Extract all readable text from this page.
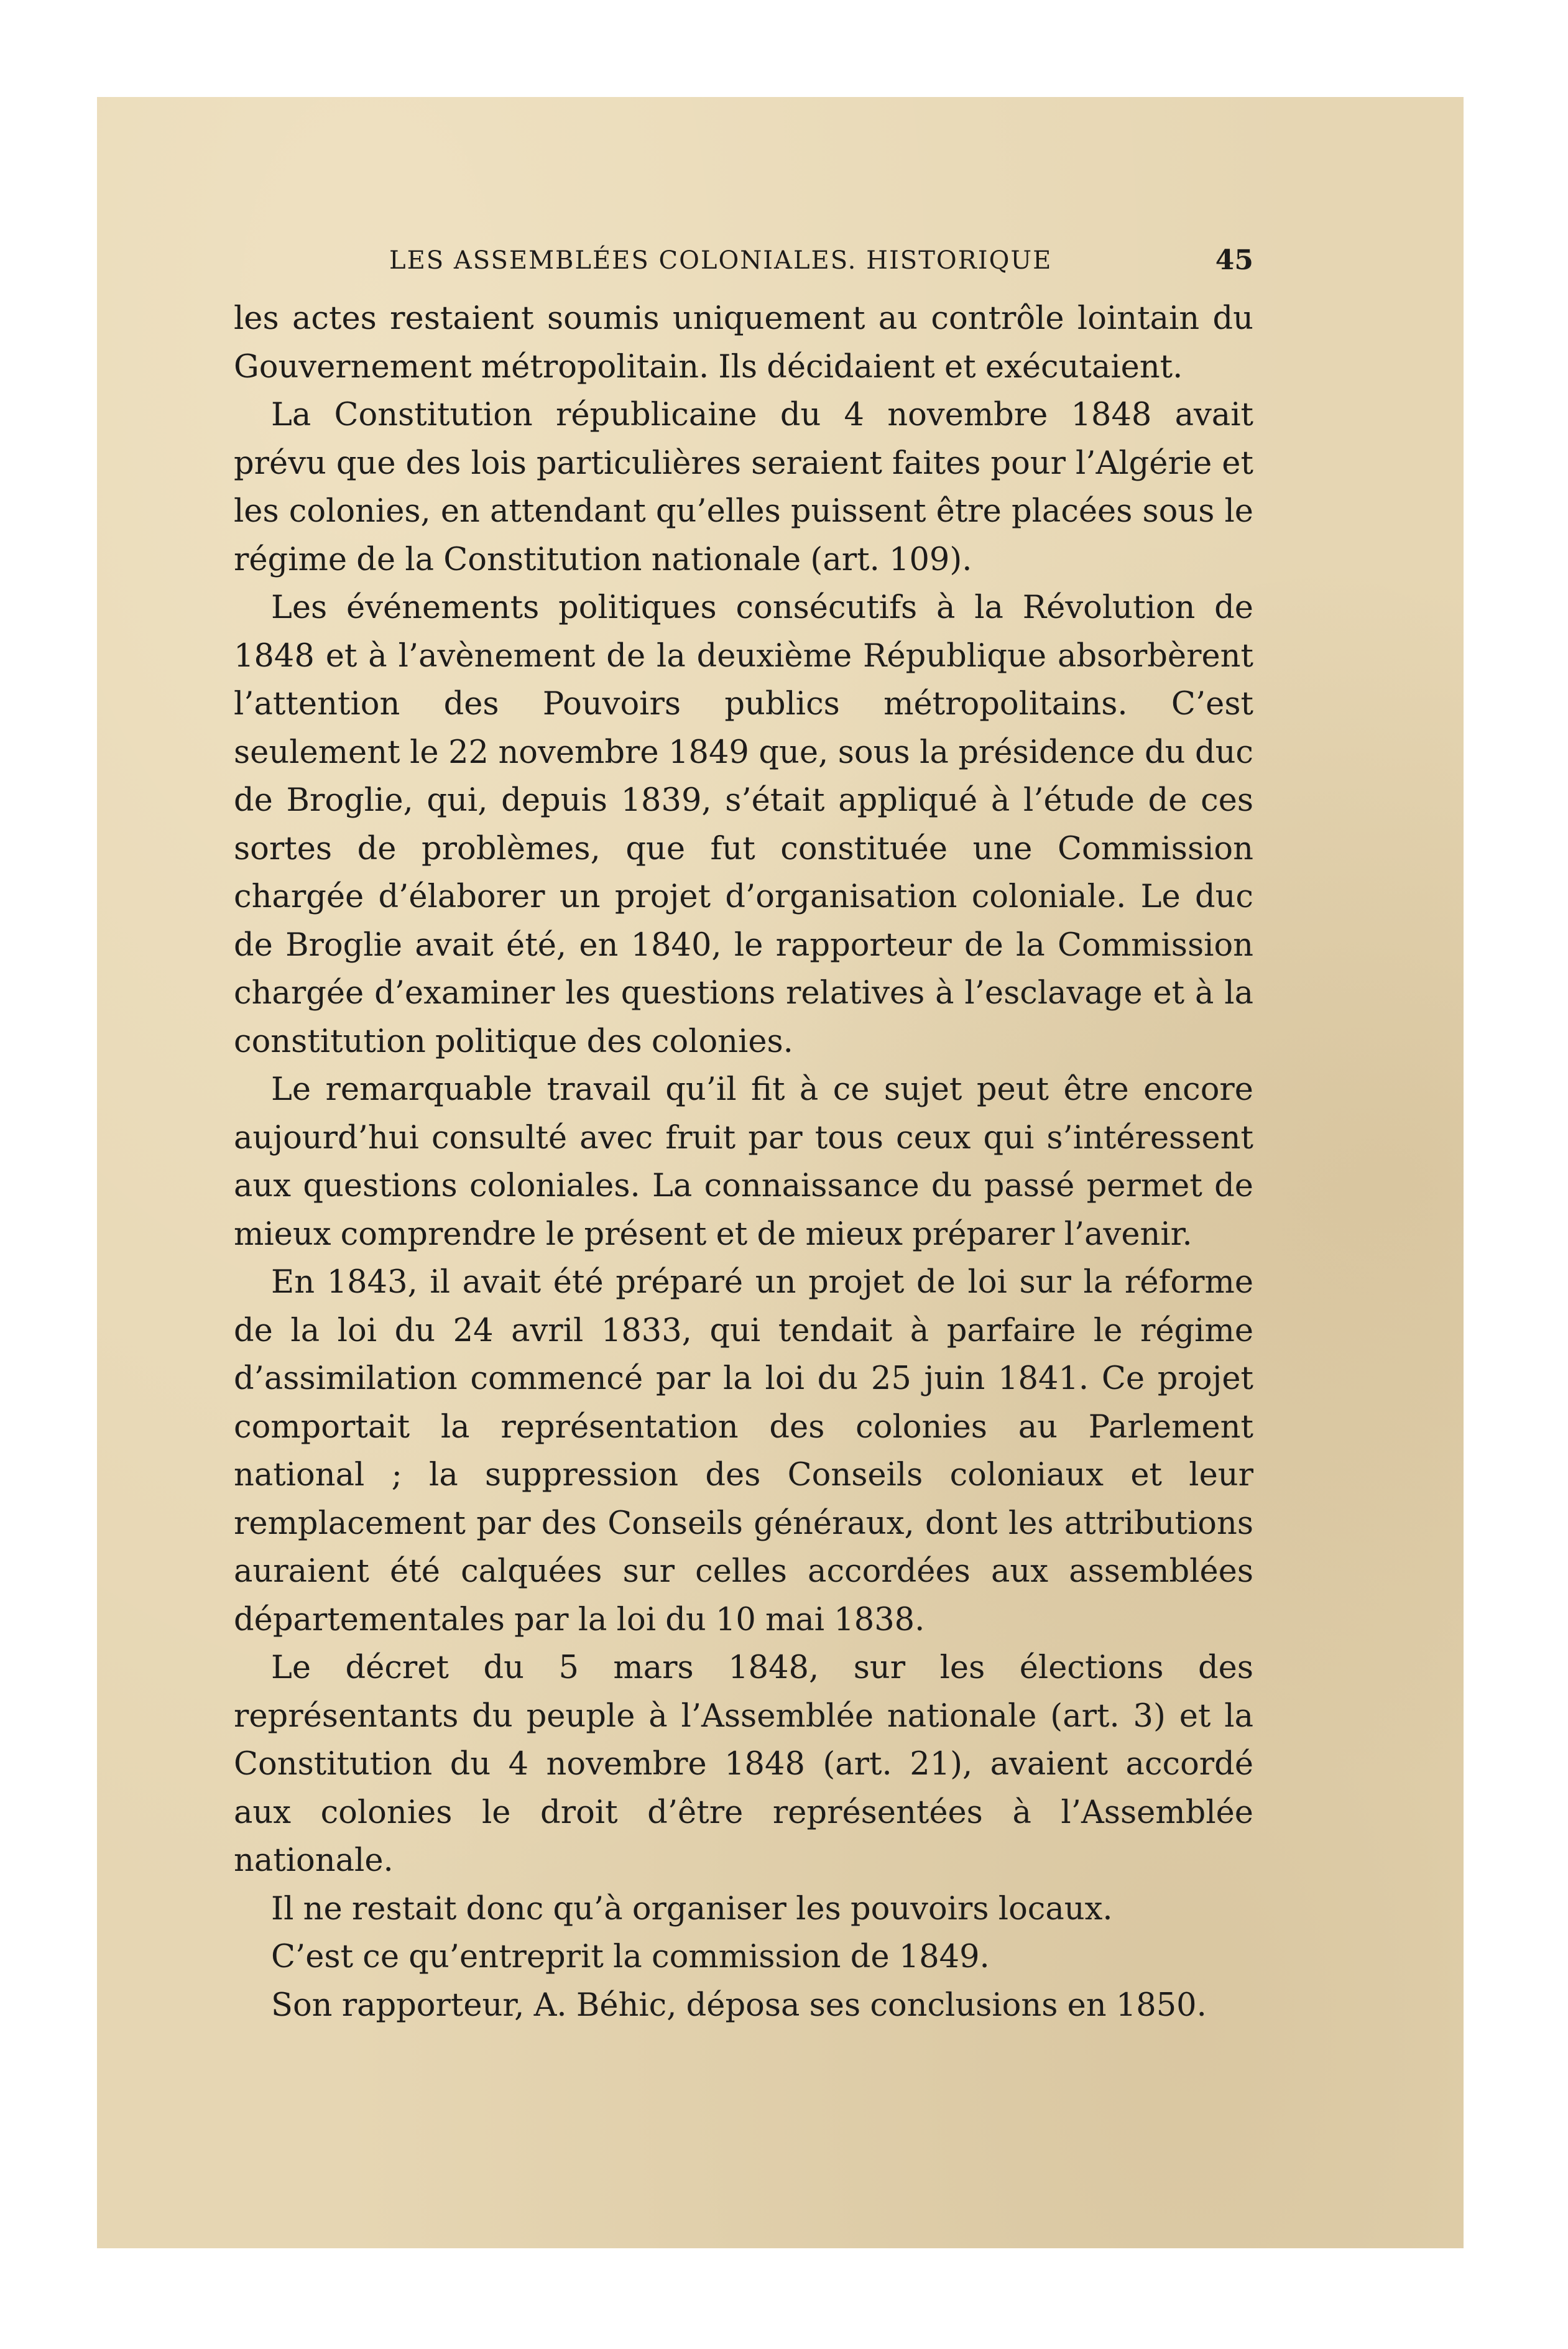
LES ASSEMBLÉES COLONIALES. HISTORIQUE	45

les actes restaient soumis uniquement au contrôle lointain du Gouvernement métropolitain. Ils décidaient et exécutaient.

La Constitution républicaine du 4 novembre 1848 avait prévu que des lois particulières seraient faites pour l’Algérie et les colonies, en attendant qu’elles puissent être placées sous le régime de la Constitution nationale (art. 109).

Les événements politiques consécutifs à la Révolution de 1848 et à l’avènement de la deuxième République absorbèrent l’attention des Pouvoirs publics métropolitains. C’est seulement le 22 novembre 1849 que, sous la présidence du duc de Broglie, qui, depuis 1839, s’était appliqué à l’étude de ces sortes de problèmes, que fut constituée une Commission chargée d’élaborer un projet d’organisation coloniale. Le duc de Broglie avait été, en 1840, le rapporteur de la Commission chargée d’examiner les questions relatives à l’esclavage et à la constitution politique des colonies.

Le remarquable travail qu’il fit à ce sujet peut être encore aujourd’hui consulté avec fruit par tous ceux qui s’intéressent aux questions coloniales. La connaissance du passé permet de mieux comprendre le présent et de mieux préparer l’avenir.

En 1843, il avait été préparé un projet de loi sur la réforme de la loi du 24 avril 1833, qui tendait à parfaire le régime d’assimilation commencé par la loi du 25 juin 1841. Ce projet comportait la représentation des colonies au Parlement national ; la suppression des Conseils coloniaux et leur remplacement par des Conseils généraux, dont les attributions auraient été calquées sur celles accordées aux assemblées départementales par la loi du 10 mai 1838.

Le décret du 5 mars 1848, sur les élections des représentants du peuple à l’Assemblée nationale (art. 3) et la Constitution du 4 novembre 1848 (art. 21), avaient accordé aux colonies le droit d’être représentées à l’Assemblée nationale.

Il ne restait donc qu’à organiser les pouvoirs locaux.

C’est ce qu’entreprit la commission de 1849.

Son rapporteur, A. Béhic, déposa ses conclusions en 1850.
